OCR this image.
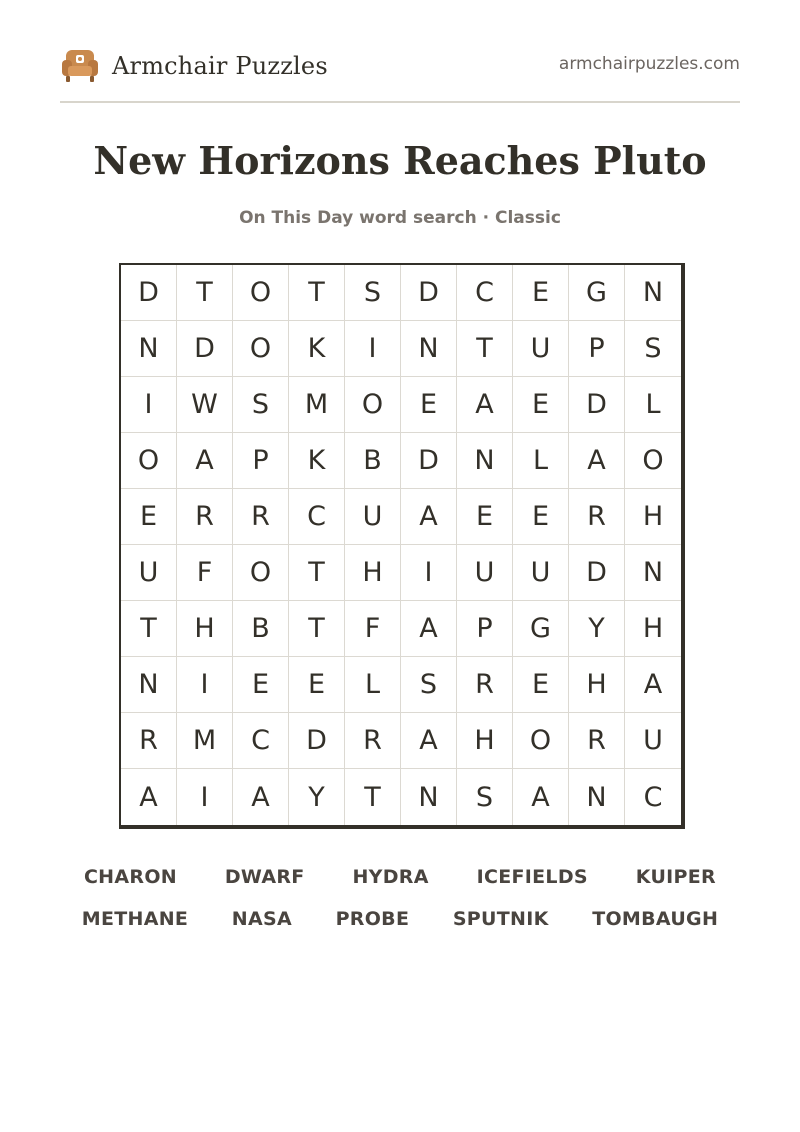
Armchair Puzzles	armchairpuzzles.com
New Horizons Reaches Pluto
On This Day word search · Classic
D	T	O	T	S	D	C	E	G	N
N	D	O	K	I	N	T	U	P	S
I	W	S	M	O	E	A	E	D	L
O	A	P	K	B	D	N	L	A	O
E	R	R	C	U	A	E	E	R	H
U	F	O	T	H	I	U	U	D	N
T	H	B	T	F	A	P	G	Y	H
N	I	E	E	L	S	R	E	H	A
R	M	C	D	R	A	H	O	R	U
A	I	A	Y	T	N	S	A	N	C
CHARON	DWARF	HYDRA	ICEFIELDS	KUIPER
METHANE NASA PROBE SPUTNIK TOMBAUGH
